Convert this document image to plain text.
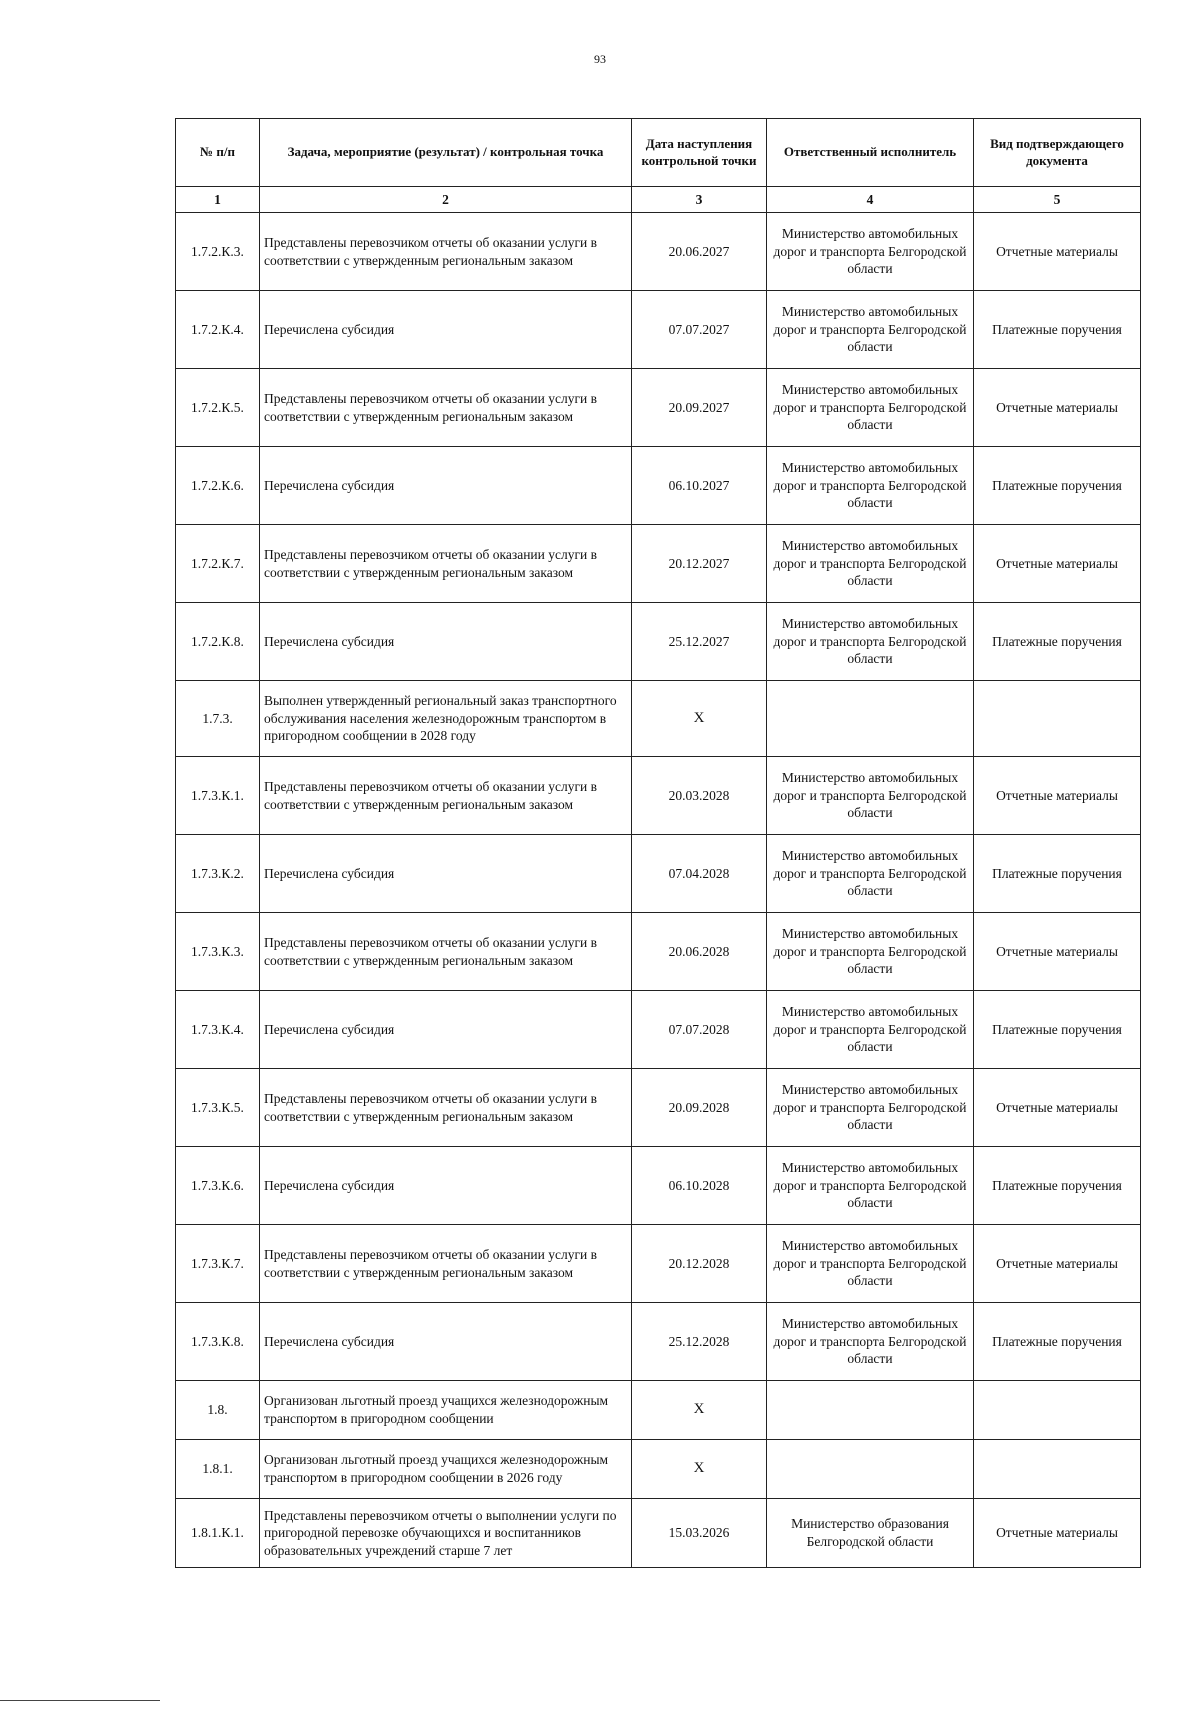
93
№ п/п	Задача, мероприятие (результат) / контрольная точка	Дата наступления контрольной точки	Ответственный исполнитель	Вид подтверждающего документа
1	2	3	4	5
1.7.2.К.3.	Представлены перевозчиком отчеты об оказании услуги в соответствии с утвержденным региональным заказом	20.06.2027	Министерство автомобильных дорог и транспорта Белгородской области	Отчетные материалы
1.7.2.К.4.	Перечислена субсидия	07.07.2027	Министерство автомобильных дорог и транспорта Белгородской области	Платежные поручения
1.7.2.К.5.	Представлены перевозчиком отчеты об оказании услуги в соответствии с утвержденным региональным заказом	20.09.2027	Министерство автомобильных дорог и транспорта Белгородской области	Отчетные материалы
1.7.2.К.6.	Перечислена субсидия	06.10.2027	Министерство автомобильных дорог и транспорта Белгородской области	Платежные поручения
1.7.2.К.7.	Представлены перевозчиком отчеты об оказании услуги в соответствии с утвержденным региональным заказом	20.12.2027	Министерство автомобильных дорог и транспорта Белгородской области	Отчетные материалы
1.7.2.К.8.	Перечислена субсидия	25.12.2027	Министерство автомобильных дорог и транспорта Белгородской области	Платежные поручения
1.7.3.	Выполнен утвержденный региональный заказ транспортного обслуживания населения железнодорожным транспортом в пригородном сообщении в 2028 году	Х		
1.7.3.К.1.	Представлены перевозчиком отчеты об оказании услуги в соответствии с утвержденным региональным заказом	20.03.2028	Министерство автомобильных дорог и транспорта Белгородской области	Отчетные материалы
1.7.3.К.2.	Перечислена субсидия	07.04.2028	Министерство автомобильных дорог и транспорта Белгородской области	Платежные поручения
1.7.3.К.3.	Представлены перевозчиком отчеты об оказании услуги в соответствии с утвержденным региональным заказом	20.06.2028	Министерство автомобильных дорог и транспорта Белгородской области	Отчетные материалы
1.7.3.К.4.	Перечислена субсидия	07.07.2028	Министерство автомобильных дорог и транспорта Белгородской области	Платежные поручения
1.7.3.К.5.	Представлены перевозчиком отчеты об оказании услуги в соответствии с утвержденным региональным заказом	20.09.2028	Министерство автомобильных дорог и транспорта Белгородской области	Отчетные материалы
1.7.3.К.6.	Перечислена субсидия	06.10.2028	Министерство автомобильных дорог и транспорта Белгородской области	Платежные поручения
1.7.3.К.7.	Представлены перевозчиком отчеты об оказании услуги в соответствии с утвержденным региональным заказом	20.12.2028	Министерство автомобильных дорог и транспорта Белгородской области	Отчетные материалы
1.7.3.К.8.	Перечислена субсидия	25.12.2028	Министерство автомобильных дорог и транспорта Белгородской области	Платежные поручения
1.8.	Организован льготный проезд учащихся железнодорожным транспортом в пригородном сообщении	Х		
1.8.1.	Организован льготный проезд учащихся железнодорожным транспортом в пригородном сообщении в 2026 году	Х		
1.8.1.К.1.	Представлены перевозчиком отчеты о выполнении услуги по пригородной перевозке обучающихся и воспитанников образовательных учреждений старше 7 лет	15.03.2026	Министерство образования Белгородской области	Отчетные материалы
